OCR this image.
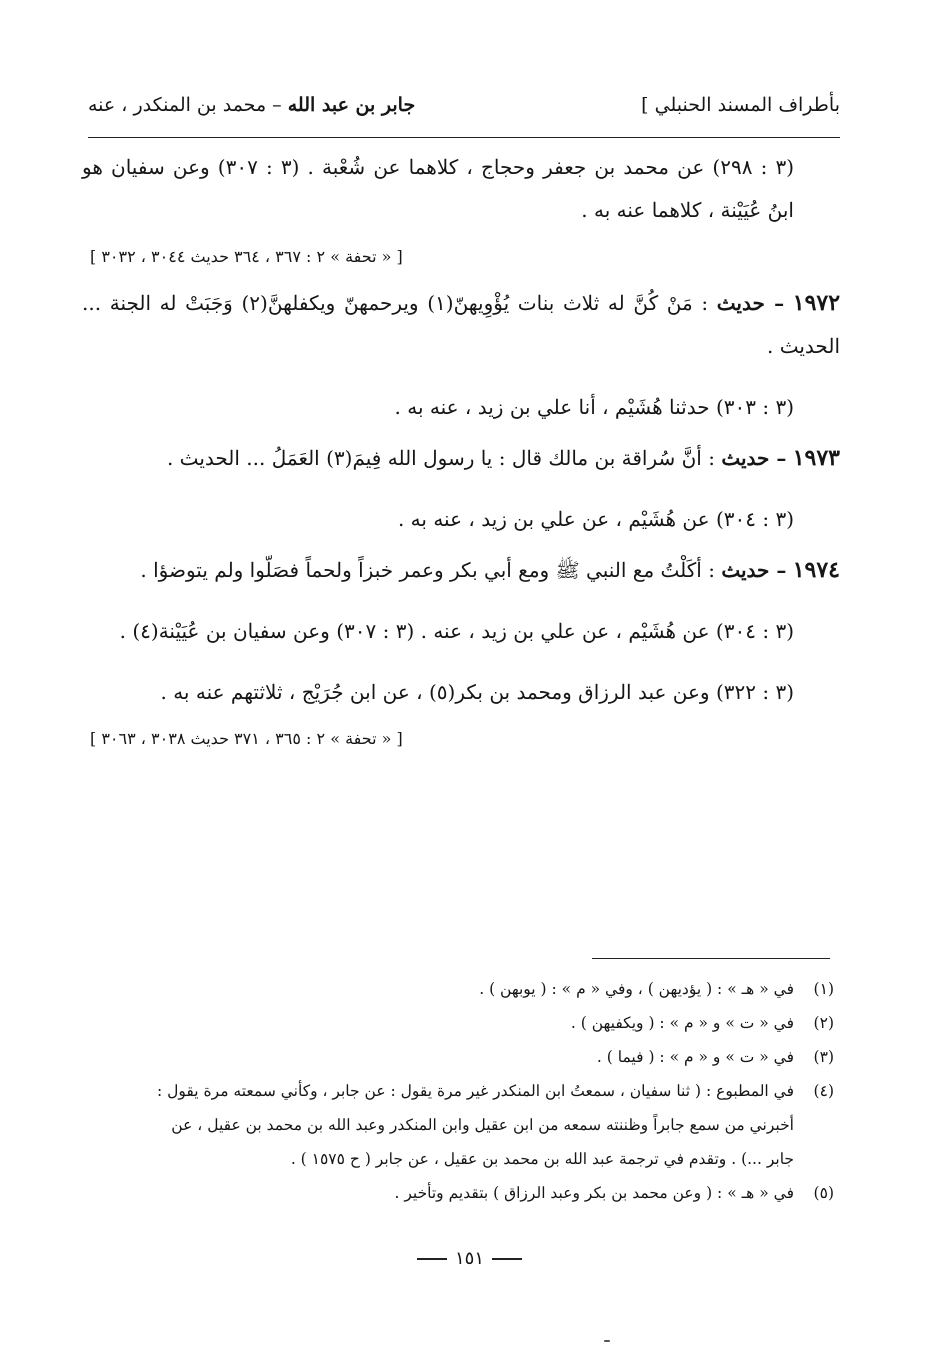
بأطراف المسند الحنبلي ]
جابر بن عبد الله – محمد بن المنكدر ، عنه

(٣ : ٢٩٨) عن محمد بن جعفر وحجاج ، كلاهما عن شُعْبة . (٣ : ٣٠٧) وعن سفيان هو ابنُ عُيَيْنة ، كلاهما عنه به .

[ « تحفة » ٢ : ٣٦٧ ، ٣٦٤ حديث ٣٠٤٤ ، ٣٠٣٢ ]

١٩٧٢ – حديث : مَنْ كُنَّ له ثلاث بنات يُؤْوِيهنّ(١) ويرحمهنّ ويكفلهنَّ(٢) وَجَبَتْ له الجنة ... الحديث .

(٣ : ٣٠٣) حدثنا هُشَيْم ، أنا علي بن زيد ، عنه به .

١٩٧٣ – حديث : أنَّ سُراقة بن مالك قال : يا رسول الله فِيمَ(٣) العَمَلُ ... الحديث .

(٣ : ٣٠٤) عن هُشَيْم ، عن علي بن زيد ، عنه به .

١٩٧٤ – حديث : أكَلْتُ مع النبي ﷺ ومع أبي بكر وعمر خبزاً ولحماً فصَلّوا ولم يتوضؤا .

(٣ : ٣٠٤) عن هُشَيْم ، عن علي بن زيد ، عنه . (٣ : ٣٠٧) وعن سفيان بن عُيَيْنة(٤) .

(٣ : ٣٢٢) وعن عبد الرزاق ومحمد بن بكر(٥) ، عن ابن جُرَيْج ، ثلاثتهم عنه به .

[ « تحفة » ٢ : ٣٦٥ ، ٣٧١ حديث ٣٠٣٨ ، ٣٠٦٣ ]

(١)
في « هـ » : ( يؤديهن ) ، وفي « م » : ( يوبهن ) .
(٢)
في « ت » و « م » : ( ويكفيهن ) .
(٣)
في « ت » و « م » : ( فيما ) .
(٤)
في المطبوع : ( ثنا سفيان ، سمعتُ ابن المنكدر غير مرة يقول : عن جابر ، وكأني سمعته مرة يقول :
أخبرني من سمع جابراً وظننته سمعه من ابن عقيل وابن المنكدر وعبد الله بن محمد بن عقيل ، عن
جابر ...) . وتقدم في ترجمة عبد الله بن محمد بن عقيل ، عن جابر ( ح ١٥٧٥ ) .
(٥)
في « هـ » : ( وعن محمد بن بكر وعبد الرزاق ) بتقديم وتأخير .
١٥١
